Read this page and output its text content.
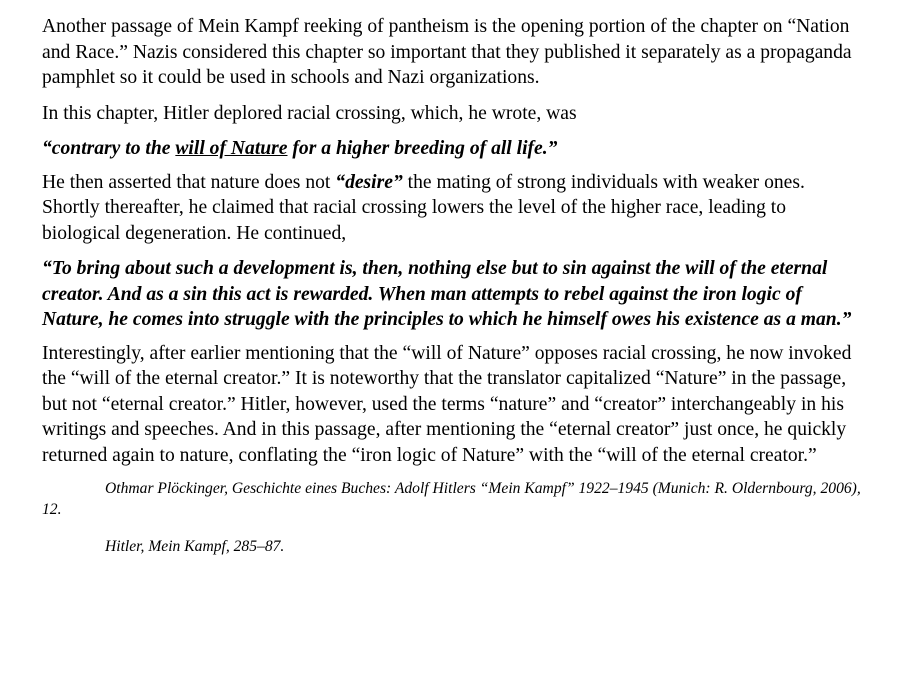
Another passage of Mein Kampf reeking of pantheism is the opening portion of the chapter on “Nation and Race.” Nazis considered this chapter so important that they published it separately as a propaganda pamphlet so it could be used in schools and Nazi organizations.

In this chapter, Hitler deplored racial crossing, which, he wrote, was

“contrary to the will of Nature for a higher breeding of all life.”

He then asserted that nature does not “desire” the mating of strong individuals with weaker ones. Shortly thereafter, he claimed that racial crossing lowers the level of the higher race, leading to biological degeneration. He continued,

“To bring about such a development is, then, nothing else but to sin against the will of the eternal creator. And as a sin this act is rewarded. When man attempts to rebel against the iron logic of Nature, he comes into struggle with the principles to which he himself owes his existence as a man.”

Interestingly, after earlier mentioning that the “will of Nature” opposes racial crossing, he now invoked the “will of the eternal creator.” It is noteworthy that the translator capitalized “Nature” in the passage, but not “eternal creator.” Hitler, however, used the terms “nature” and “creator” interchangeably in his writings and speeches. And in this passage, after mentioning the “eternal creator” just once, he quickly returned again to nature, conflating the “iron logic of Nature” with the “will of the eternal creator.”

Othmar Plöckinger, Geschichte eines Buches: Adolf Hitlers “Mein Kampf” 1922–1945 (Munich: R. Oldernbourg, 2006), 12.

Hitler, Mein Kampf, 285–87.
